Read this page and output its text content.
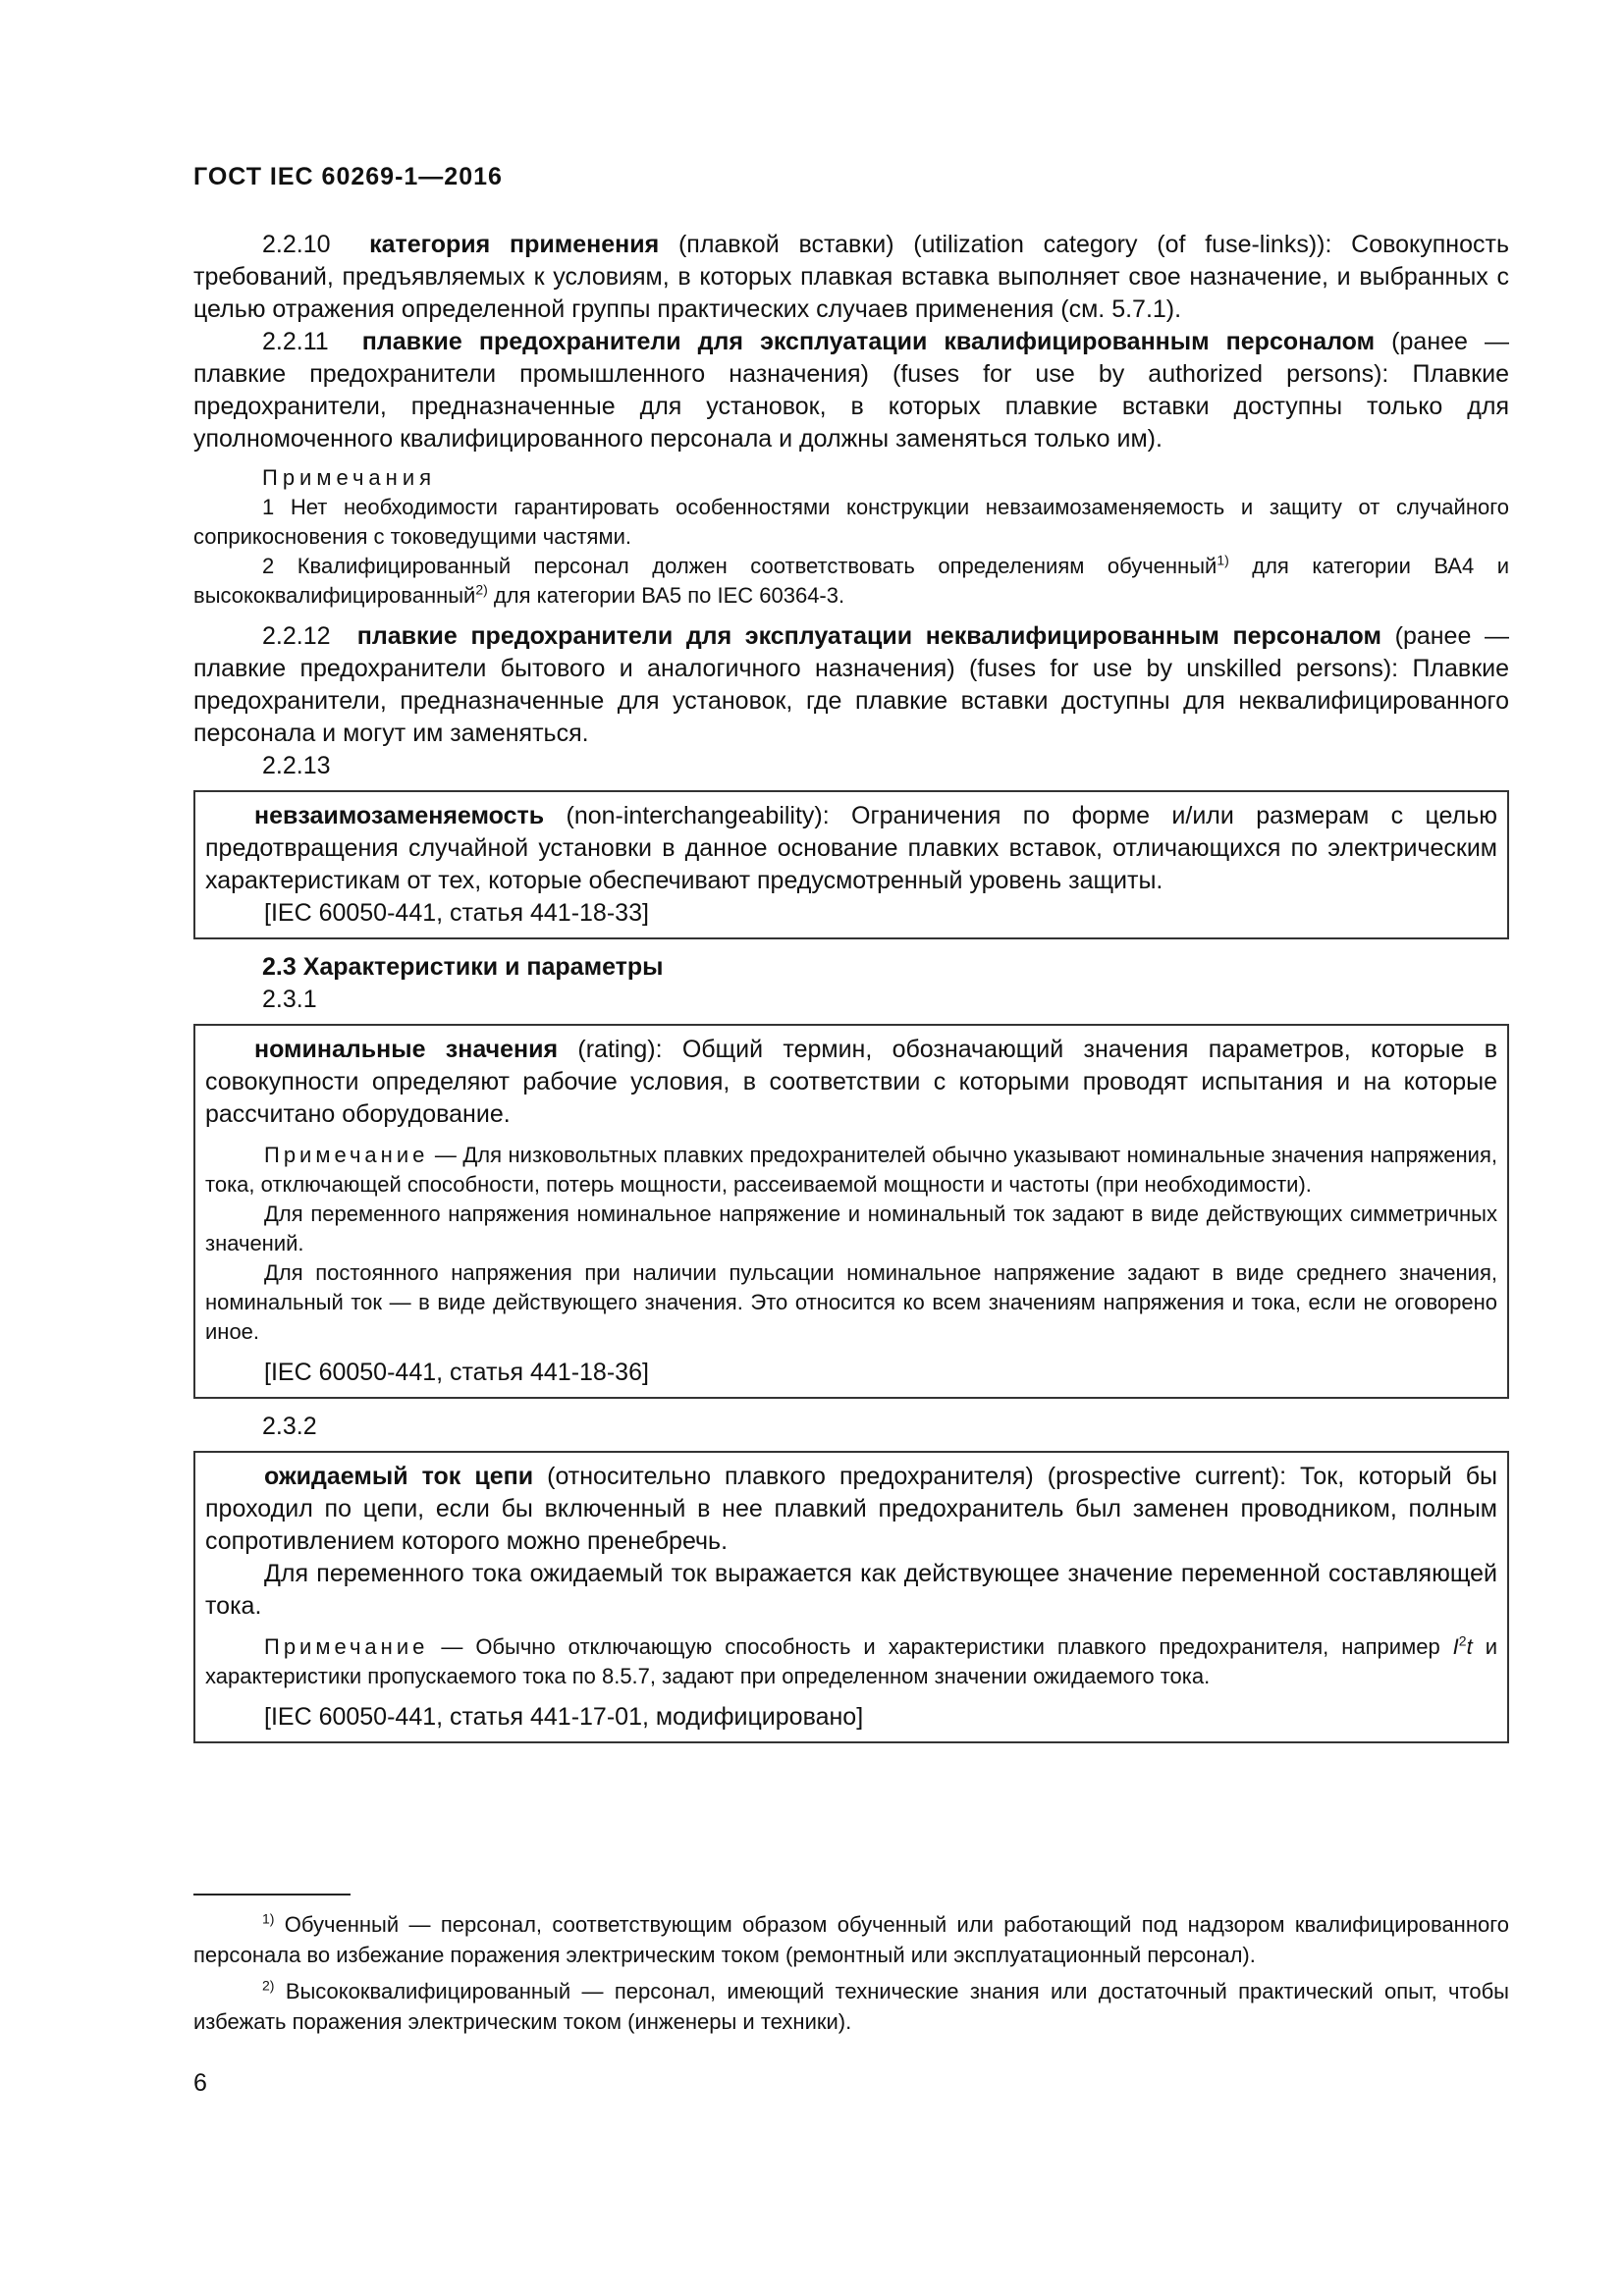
ГОСТ IEC 60269-1—2016

2.2.10 категория применения (плавкой вставки) (utilization category (of fuse-links)): Совокупность требований, предъявляемых к условиям, в которых плавкая вставка выполняет свое назначение, и выбранных с целью отражения определенной группы практических случаев применения (см. 5.7.1).

2.2.11 плавкие предохранители для эксплуатации квалифицированным персоналом (ранее — плавкие предохранители промышленного назначения) (fuses for use by authorized persons): Плавкие предохранители, предназначенные для установок, в которых плавкие вставки доступны только для уполномоченного квалифицированного персонала и должны заменяться только им).

Примечания

1 Нет необходимости гарантировать особенностями конструкции невзаимозаменяемость и защиту от случайного соприкосновения с токоведущими частями.

2 Квалифицированный персонал должен соответствовать определениям обученный$^{1)}$ для категории ВА4 и высококвалифицированный$^{2)}$ для категории ВА5 по IEC 60364-3.

2.2.12 плавкие предохранители для эксплуатации неквалифицированным персоналом (ранее — плавкие предохранители бытового и аналогичного назначения) (fuses for use by unskilled persons): Плавкие предохранители, предназначенные для установок, где плавкие вставки доступны для неквалифицированного персонала и могут им заменяться.

2.2.13

невзаимозаменяемость (non-interchangeability): Ограничения по форме и/или размерам с целью предотвращения случайной установки в данное основание плавких вставок, отличающихся по электрическим характеристикам от тех, которые обеспечивают предусмотренный уровень защиты.

[IEC 60050-441, статья 441-18-33]
2.3 Характеристики и параметры
2.3.1

номинальные значения (rating): Общий термин, обозначающий значения параметров, которые в совокупности определяют рабочие условия, в соответствии с которыми проводят испытания и на которые рассчитано оборудование.

Примечание — Для низковольтных плавких предохранителей обычно указывают номинальные значения напряжения, тока, отключающей способности, потерь мощности, рассеиваемой мощности и частоты (при необходимости).

Для переменного напряжения номинальное напряжение и номинальный ток задают в виде действующих симметричных значений.

Для постоянного напряжения при наличии пульсации номинальное напряжение задают в виде среднего значения, номинальный ток — в виде действующего значения. Это относится ко всем значениям напряжения и тока, если не оговорено иное.

[IEC 60050-441, статья 441-18-36]
2.3.2

ожидаемый ток цепи (относительно плавкого предохранителя) (prospective current): Ток, который бы проходил по цепи, если бы включенный в нее плавкий предохранитель был заменен проводником, полным сопротивлением которого можно пренебречь.

Для переменного тока ожидаемый ток выражается как действующее значение переменной составляющей тока.

Примечание — Обычно отключающую способность и характеристики плавкого предохранителя, например $I^2t$ и характеристики пропускаемого тока по 8.5.7, задают при определенном значении ожидаемого тока.

[IEC 60050-441, статья 441-17-01, модифицировано]

$^{1)}$ Обученный — персонал, соответствующим образом обученный или работающий под надзором квалифицированного персонала во избежание поражения электрическим током (ремонтный или эксплуатационный персонал).

$^{2)}$ Высококвалифицированный — персонал, имеющий технические знания или достаточный практический опыт, чтобы избежать поражения электрическим током (инженеры и техники).

6
